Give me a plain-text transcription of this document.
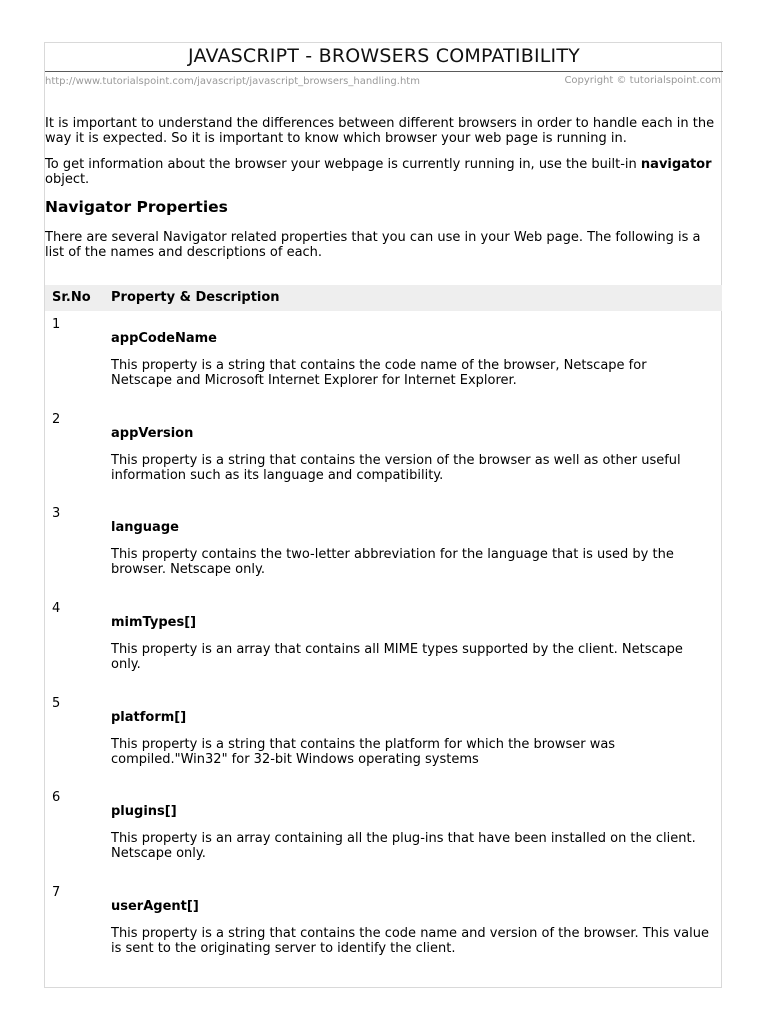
JAVASCRIPT - BROWSERS COMPATIBILITY
http://www.tutorialspoint.com/javascript/javascript_browsers_handling.htm	Copyright © tutorialspoint.com
It is important to understand the differences between different browsers in order to handle each in the way it is expected. So it is important to know which browser your web page is running in.
To get information about the browser your webpage is currently running in, use the built-in navigator object.
Navigator Properties
There are several Navigator related properties that you can use in your Web page. The following is a list of the names and descriptions of each.
Sr.No Property & Description
1
appCodeName
This property is a string that contains the code name of the browser, Netscape for Netscape and Microsoft Internet Explorer for Internet Explorer.
2
appVersion
This property is a string that contains the version of the browser as well as other useful information such as its language and compatibility.
3
language
This property contains the two-letter abbreviation for the language that is used by the browser. Netscape only.
4
mimTypes[]
This property is an array that contains all MIME types supported by the client. Netscape only.
5
platform[]
This property is a string that contains the platform for which the browser was compiled."Win32" for 32-bit Windows operating systems
6
plugins[]
This property is an array containing all the plug-ins that have been installed on the client. Netscape only.
7
userAgent[]
This property is a string that contains the code name and version of the browser. This value is sent to the originating server to identify the client.
